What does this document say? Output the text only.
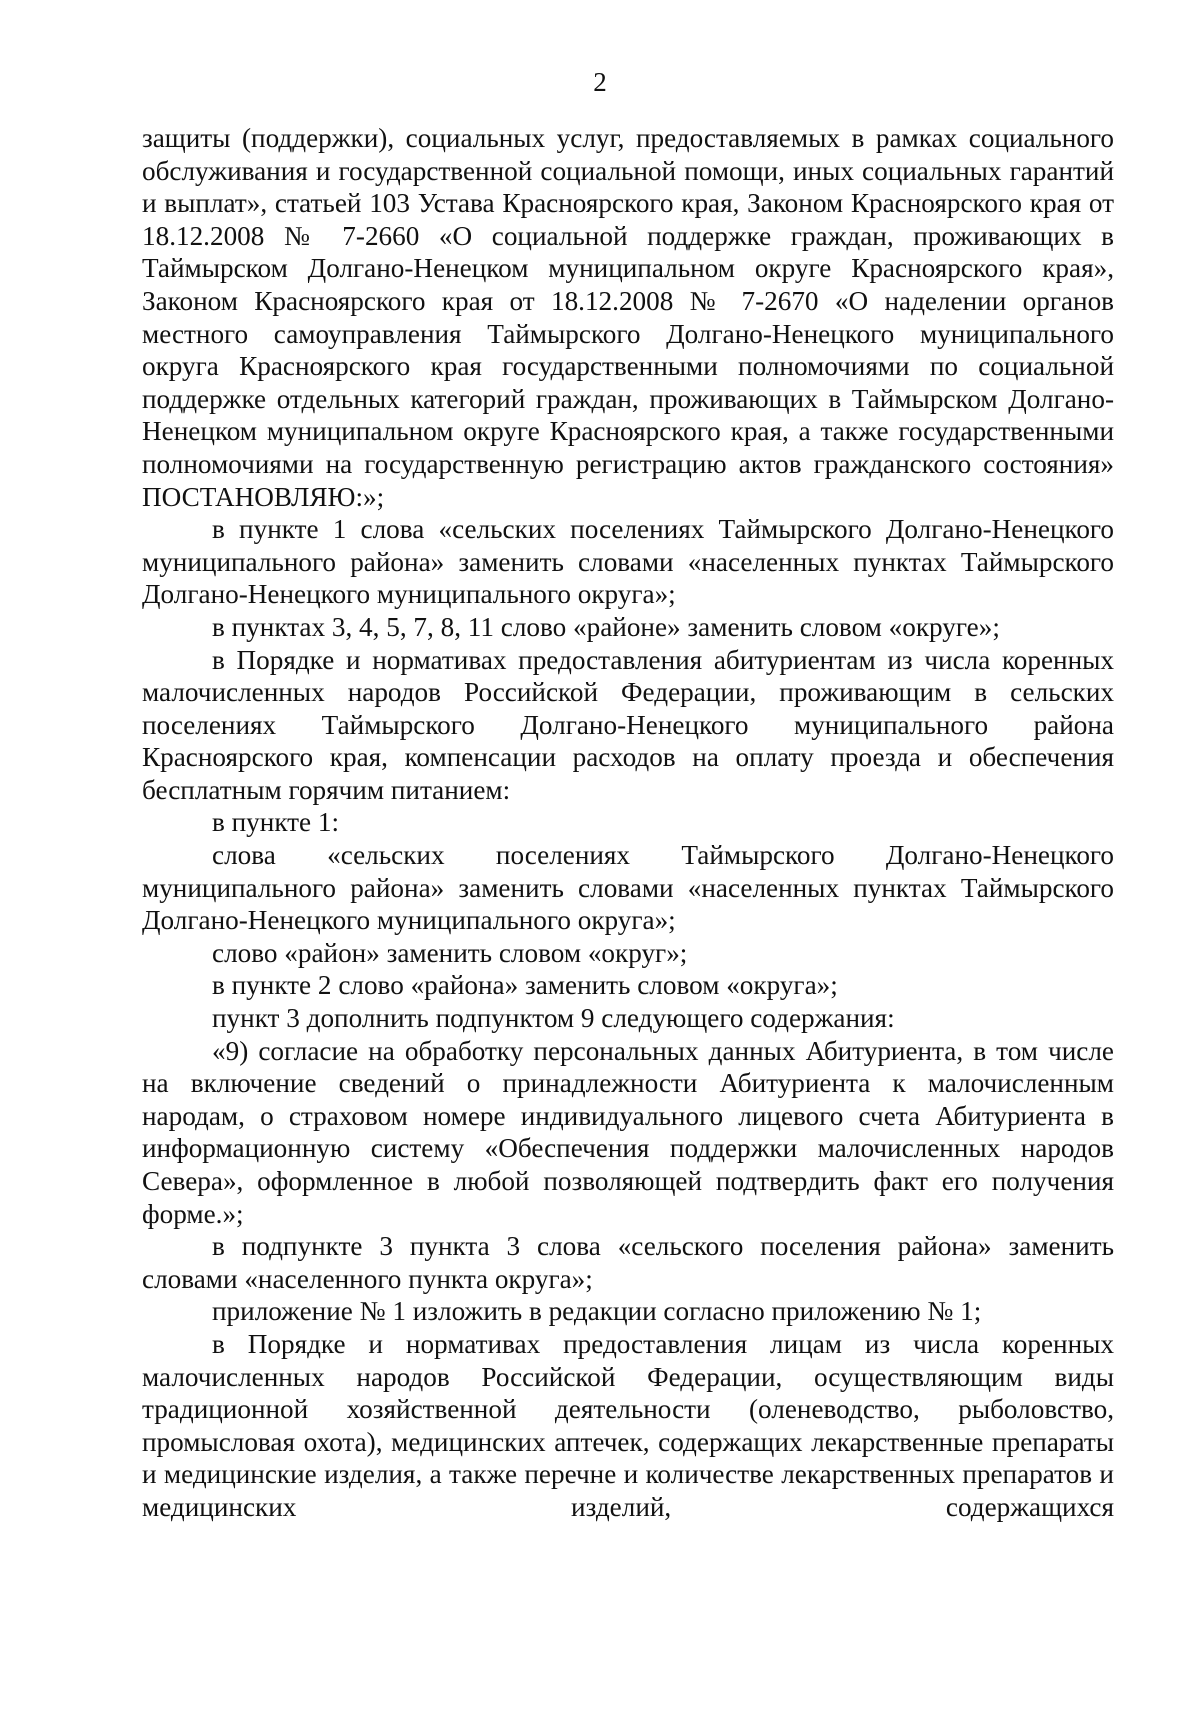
2

защиты (поддержки), социальных услуг, предоставляемых в рамках социального обслуживания и государственной социальной помощи, иных социальных гарантий и выплат», статьей 103 Устава Красноярского края, Законом Красноярского края от 18.12.2008 № 7-2660 «О социальной поддержке граждан, проживающих в Таймырском Долгано-Ненецком муниципальном округе Красноярского края», Законом Красноярского края от 18.12.2008 № 7-2670 «О наделении органов местного самоуправления Таймырского Долгано-Ненецкого муниципального округа Красноярского края государственными полномочиями по социальной поддержке отдельных категорий граждан, проживающих в Таймырском Долгано-Ненецком муниципальном округе Красноярского края, а также государственными полномочиями на государственную регистрацию актов гражданского состояния» ПОСТАНОВЛЯЮ:»;

в пункте 1 слова «сельских поселениях Таймырского Долгано-Ненецкого муниципального района» заменить словами «населенных пунктах Таймырского Долгано-Ненецкого муниципального округа»;

в пунктах 3, 4, 5, 7, 8, 11 слово «районе» заменить словом «округе»;

в Порядке и нормативах предоставления абитуриентам из числа коренных малочисленных народов Российской Федерации, проживающим в сельских поселениях Таймырского Долгано-Ненецкого муниципального района Красноярского края, компенсации расходов на оплату проезда и обеспечения бесплатным горячим питанием:

в пункте 1:

слова «сельских поселениях Таймырского Долгано-Ненецкого муниципального района» заменить словами «населенных пунктах Таймырского Долгано-Ненецкого муниципального округа»;

слово «район» заменить словом «округ»;

в пункте 2 слово «района» заменить словом «округа»;

пункт 3 дополнить подпунктом 9 следующего содержания:

«9) согласие на обработку персональных данных Абитуриента, в том числе на включение сведений о принадлежности Абитуриента к малочисленным народам, о страховом номере индивидуального лицевого счета Абитуриента в информационную систему «Обеспечения поддержки малочисленных народов Севера», оформленное в любой позволяющей подтвердить факт его получения форме.»;

в подпункте 3 пункта 3 слова «сельского поселения района» заменить словами «населенного пункта округа»;

приложение № 1 изложить в редакции согласно приложению № 1;

в Порядке и нормативах предоставления лицам из числа коренных малочисленных народов Российской Федерации, осуществляющим виды традиционной хозяйственной деятельности (оленеводство, рыболовство, промысловая охота), медицинских аптечек, содержащих лекарственные препараты и медицинские изделия, а также перечне и количестве лекарственных препаратов и медицинских изделий, содержащихся
